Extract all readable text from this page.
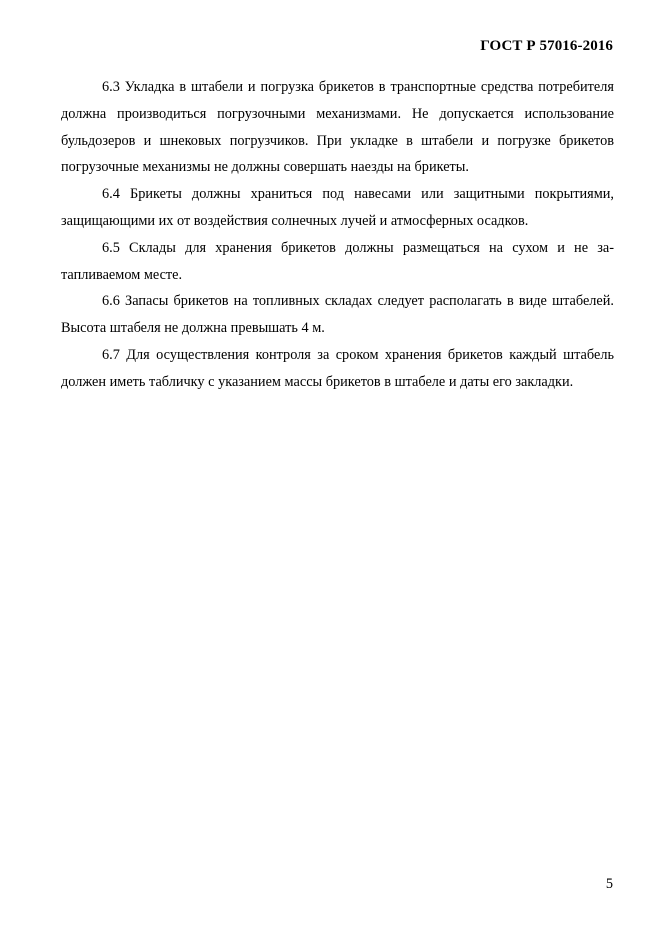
ГОСТ Р 57016-2016

6.3 Укладка в штабели и погрузка брикетов в транспортные средства потребителя должна производиться погрузочными механизмами. Не допускается использование бульдозеров и шнековых погрузчиков. При укладке в штабели и погрузке брикетов погрузочные механизмы не должны совершать наезды на брикеты.

6.4 Брикеты должны храниться под навесами или защитными покрытиями, защищающими их от воздействия солнечных лучей и атмосферных осадков.

6.5 Склады для хранения брикетов должны размещаться на сухом и не затапливаемом месте.

6.6 Запасы брикетов на топливных складах следует располагать в виде штабелей. Высота штабеля не должна превышать 4 м.

6.7 Для осуществления контроля за сроком хранения брикетов каждый штабель должен иметь табличку с указанием массы брикетов в штабеле и даты его закладки.

5
